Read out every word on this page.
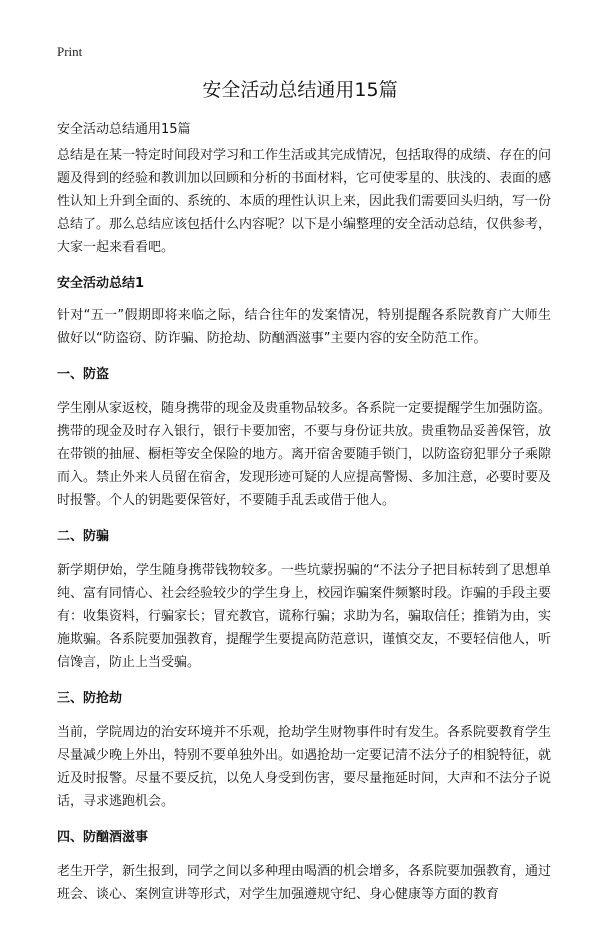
Print
安全活动总结通用15篇

安全活动总结通用15篇

总结是在某一特定时间段对学习和工作生活或其完成情况，包括取得的成绩、存在的问题及得到的经验和教训加以回顾和分析的书面材料，它可使零星的、肤浅的、表面的感性认知上升到全面的、系统的、本质的理性认识上来，因此我们需要回头归纳，写一份总结了。那么总结应该包括什么内容呢？以下是小编整理的安全活动总结，仅供参考，大家一起来看看吧。

安全活动总结1

针对“五一”假期即将来临之际，结合往年的发案情况，特别提醒各系院教育广大师生做好以“防盗窃、防诈骗、防抢劫、防酗酒滋事”主要内容的安全防范工作。

一、防盗

学生刚从家返校，随身携带的现金及贵重物品较多。各系院一定要提醒学生加强防盗。携带的现金及时存入银行，银行卡要加密，不要与身份证共放。贵重物品妥善保管，放在带锁的抽屉、橱柜等安全保险的地方。离开宿舍要随手锁门，以防盗窃犯罪分子乘隙而入。禁止外来人员留在宿舍，发现形迹可疑的人应提高警惕、多加注意，必要时要及时报警。个人的钥匙要保管好，不要随手乱丢或借于他人。

二、防骗

新学期伊始，学生随身携带钱物较多。一些坑蒙拐骗的“不法分子把目标转到了思想单纯、富有同情心、社会经验较少的学生身上，校园诈骗案件频繁时段。诈骗的手段主要有：收集资料，行骗家长；冒充教官，谎称行骗；求助为名，骗取信任；推销为由，实施欺骗。各系院要加强教育，提醒学生要提高防范意识，谨慎交友，不要轻信他人，听信馋言，防止上当受骗。

三、防抢劫

当前，学院周边的治安环境并不乐观，抢劫学生财物事件时有发生。各系院要教育学生尽量减少晚上外出，特别不要单独外出。如遇抢劫一定要记清不法分子的相貌特征，就近及时报警。尽量不要反抗，以免人身受到伤害，要尽量拖延时间，大声和不法分子说话，寻求逃跑机会。

四、防酗酒滋事

老生开学，新生报到，同学之间以多种理由喝酒的机会增多，各系院要加强教育，通过班会、谈心、案例宣讲等形式，对学生加强遵规守纪、身心健康等方面的教育
